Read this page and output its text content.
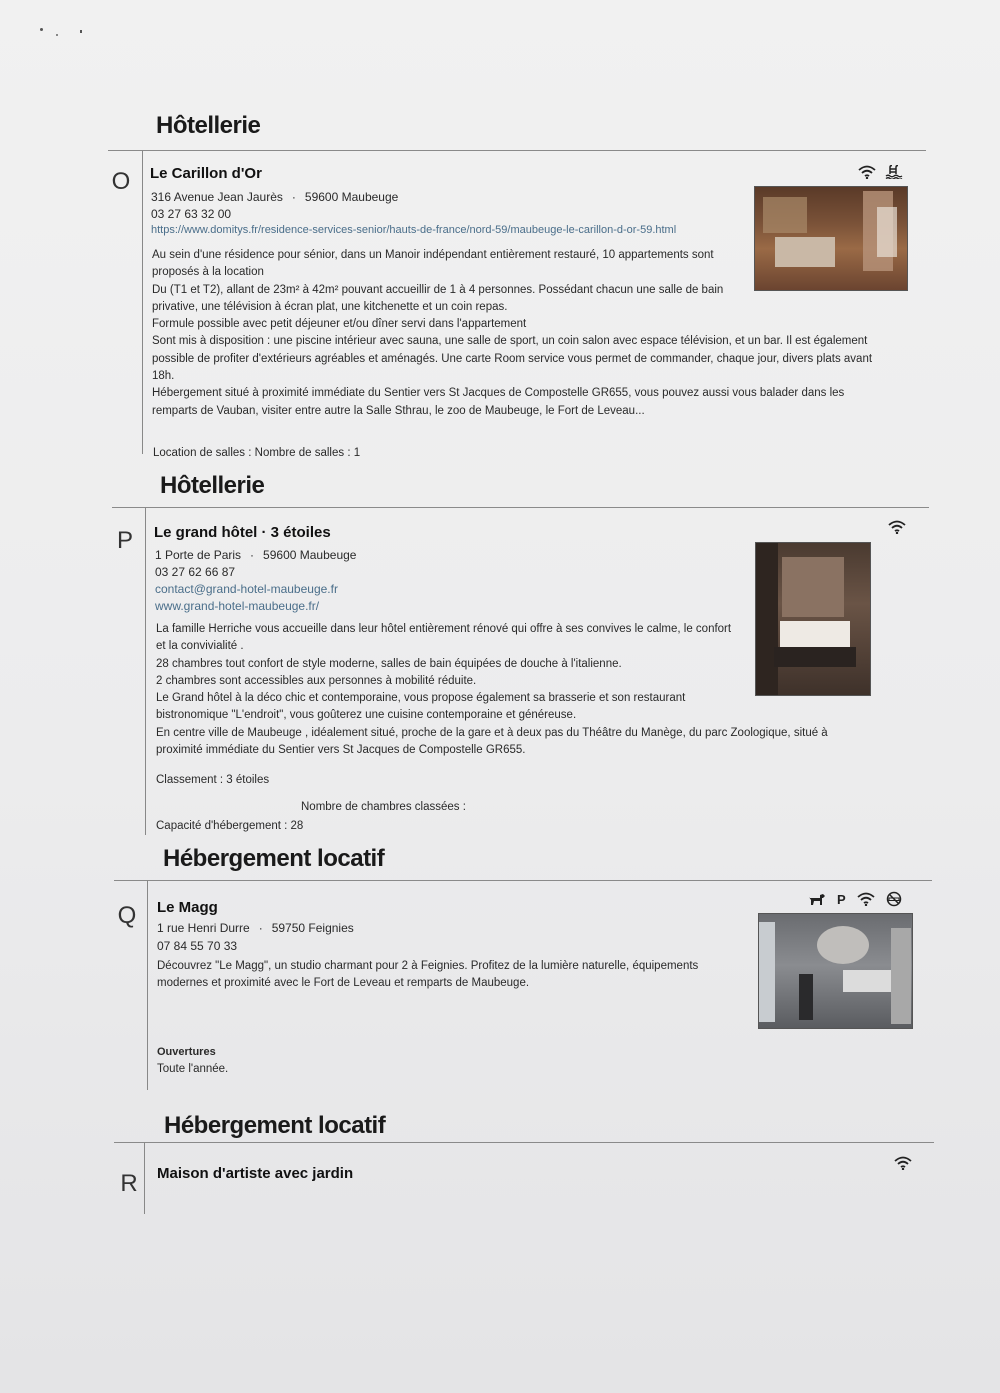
Hôtellerie
O	Le Carillon d'Or
316 Avenue Jean Jaurès · 59600 Maubeuge
03 27 63 32 00
https://www.domitys.fr/residence-services-senior/hauts-de-france/nord-59/maubeuge-le-carillon-d-or-59.html

Au sein d'une résidence pour sénior, dans un Manoir indépendant entièrement restauré, 10 appartements sont proposés à la location

Du (T1 et T2), allant de 23m² à 42m² pouvant accueillir de 1 à 4 personnes. Possédant chacun une salle de bain privative, une télévision à écran plat, une kitchenette et un coin repas.

Formule possible avec petit déjeuner et/ou dîner servi dans l'appartement

Sont mis à disposition : une piscine intérieur avec sauna, une salle de sport, un coin salon avec espace télévision, et un bar. Il est également possible de profiter d'extérieurs agréables et aménagés. Une carte Room service vous permet de commander, chaque jour, divers plats avant 18h.

Hébergement situé à proximité immédiate du Sentier vers St Jacques de Compostelle GR655, vous pouvez aussi vous balader dans les remparts de Vauban, visiter entre autre la Salle Sthrau, le zoo de Maubeuge, le Fort de Leveau...

Location de salles : Nombre de salles : 1
Hôtellerie
P	Le grand hôtel · 3 étoiles
1 Porte de Paris · 59600 Maubeuge
03 27 62 66 87
contact@grand-hotel-maubeuge.fr
www.grand-hotel-maubeuge.fr/

La famille Herriche vous accueille dans leur hôtel entièrement rénové qui offre à ses convives le calme, le confort et la convivialité .

28 chambres tout confort de style moderne, salles de bain équipées de douche à l'italienne.

2 chambres sont accessibles aux personnes à mobilité réduite.

Le Grand hôtel à la déco chic et contemporaine, vous propose également sa brasserie et son restaurant bistronomique "L'endroit", vous goûterez une cuisine contemporaine et généreuse.

En centre ville de Maubeuge , idéalement situé, proche de la gare et à deux pas du Théâtre du Manège, du parc Zoologique, situé à proximité immédiate du Sentier vers St Jacques de Compostelle GR655.

Classement : 3 étoiles
Nombre de chambres classées :
Capacité d'hébergement : 28
Hébergement locatif
Q	Le Magg
1 rue Henri Durre · 59750 Feignies
07 84 55 70 33
P

Découvrez "Le Magg", un studio charmant pour 2 à Feignies. Profitez de la lumière naturelle, équipements modernes et proximité avec le Fort de Leveau et remparts de Maubeuge.

Ouvertures
Toute l'année.
Hébergement locatif
R	Maison d'artiste avec jardin
